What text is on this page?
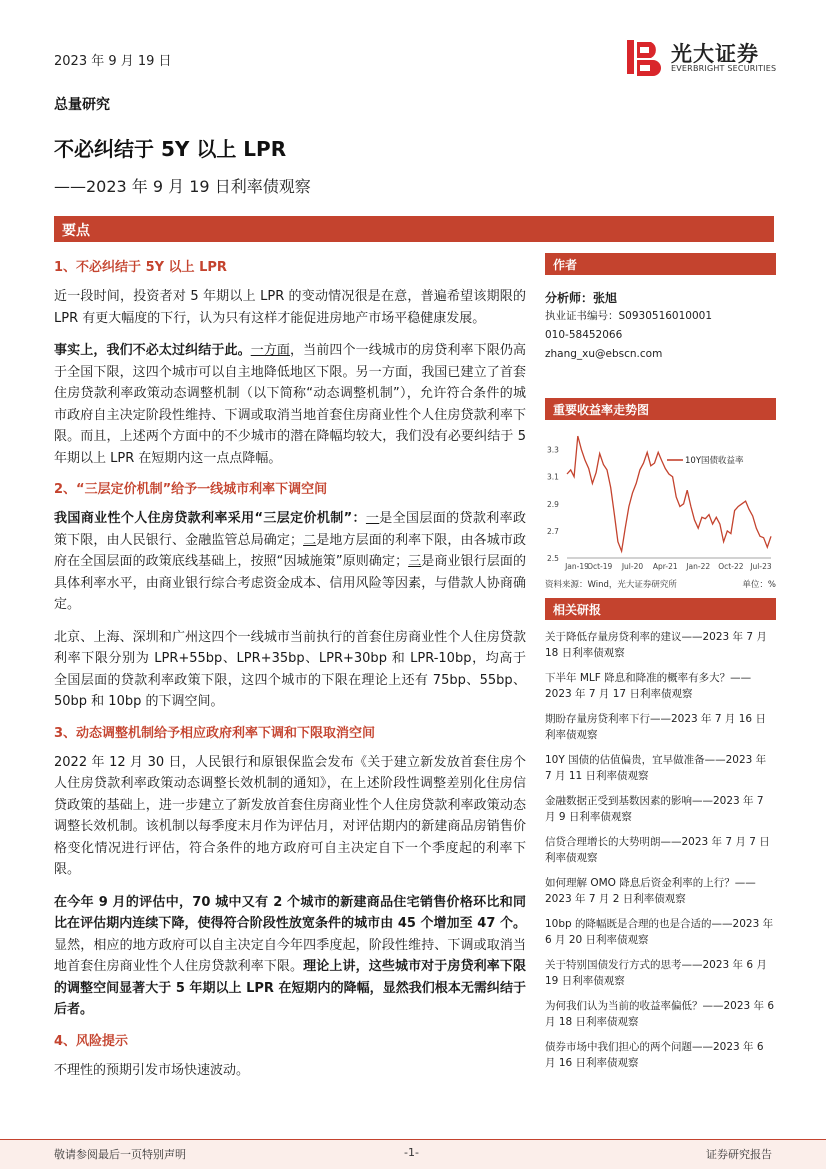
2023 年 9 月 19 日	光大证券
EVERBRIGHT SECURITIES
总量研究
不必纠结于 5Y 以上 LPR
——2023 年 9 月 19 日利率债观察
要点
1、不必纠结于 5Y 以上 LPR
近一段时间，投资者对 5 年期以上 LPR 的变动情况很是在意，普遍希望该期限的 LPR 有更大幅度的下行，认为只有这样才能促进房地产市场平稳健康发展。
事实上，我们不必太过纠结于此。一方面，当前四个一线城市的房贷利率下限仍高于全国下限，这四个城市可以自主地降低地区下限。另一方面，我国已建立了首套住房贷款利率政策动态调整机制（以下简称“动态调整机制”），允许符合条件的城市政府自主决定阶段性维持、下调或取消当地首套住房商业性个人住房贷款利率下限。而且，上述两个方面中的不少城市的潜在降幅均较大，我们没有必要纠结于 5 年期以上 LPR 在短期内这一点点降幅。
2、“三层定价机制”给予一线城市利率下调空间
我国商业性个人住房贷款利率采用“三层定价机制”：一是全国层面的贷款利率政策下限，由人民银行、金融监管总局确定；二是地方层面的利率下限，由各城市政府在全国层面的政策底线基础上，按照“因城施策”原则确定；三是商业银行层面的具体利率水平，由商业银行综合考虑资金成本、信用风险等因素，与借款人协商确定。
北京、上海、深圳和广州这四个一线城市当前执行的首套住房商业性个人住房贷款利率下限分别为 LPR+55bp、LPR+35bp、LPR+30bp 和 LPR-10bp，均高于全国层面的贷款利率政策下限，这四个城市的下限在理论上还有 75bp、55bp、50bp 和 10bp 的下调空间。
3、动态调整机制给予相应政府利率下调和下限取消空间
2022 年 12 月 30 日，人民银行和原银保监会发布《关于建立新发放首套住房个人住房贷款利率政策动态调整长效机制的通知》，在上述阶段性调整差别化住房信贷政策的基础上，进一步建立了新发放首套住房商业性个人住房贷款利率政策动态调整长效机制。该机制以每季度末月作为评估月，对评估期内的新建商品房销售价格变化情况进行评估，符合条件的地方政府可自主决定自下一个季度起的利率下限。
在今年 9 月的评估中，70 城中又有 2 个城市的新建商品住宅销售价格环比和同比在评估期内连续下降，使得符合阶段性放宽条件的城市由 45 个增加至 47 个。显然，相应的地方政府可以自主决定自今年四季度起，阶段性维持、下调或取消当地首套住房商业性个人住房贷款利率下限。理论上讲，这些城市对于房贷利率下限的调整空间显著大于 5 年期以上 LPR 在短期内的降幅，显然我们根本无需纠结于后者。
4、风险提示
不理性的预期引发市场快速波动。
作者
分析师：张旭
执业证书编号：S0930516010001
010-58452066
zhang_xu@ebscn.com
重要收益率走势图
2.5
2.7
2.9
3.1
3.3
Jan-19
Oct-19 Jul-20 Apr-21 Jan-22 Oct-22 Jul-23
10Y国债收益率
资料来源：Wind，光大证券研究所	单位：%
相关研报
关于降低存量房贷利率的建议——2023 年 7 月 18 日利率债观察
下半年 MLF 降息和降准的概率有多大？——2023 年 7 月 17 日利率债观察
期盼存量房贷利率下行——2023 年 7 月 16 日利率债观察
10Y 国债的估值偏贵，宜早做准备——2023 年 7 月 11 日利率债观察
金融数据正受到基数因素的影响——2023 年 7 月 9 日利率债观察
信贷合理增长的大势明朗——2023 年 7 月 7 日利率债观察
如何理解 OMO 降息后资金利率的上行？——2023 年 7 月 2 日利率债观察
10bp 的降幅既是合理的也是合适的——2023 年 6 月 20 日利率债观察
关于特别国债发行方式的思考——2023 年 6 月 19 日利率债观察
为何我们认为当前的收益率偏低？——2023 年 6 月 18 日利率债观察
债券市场中我们担心的两个问题——2023 年 6 月 16 日利率债观察
敬请参阅最后一页特别声明	-1-	证券研究报告
